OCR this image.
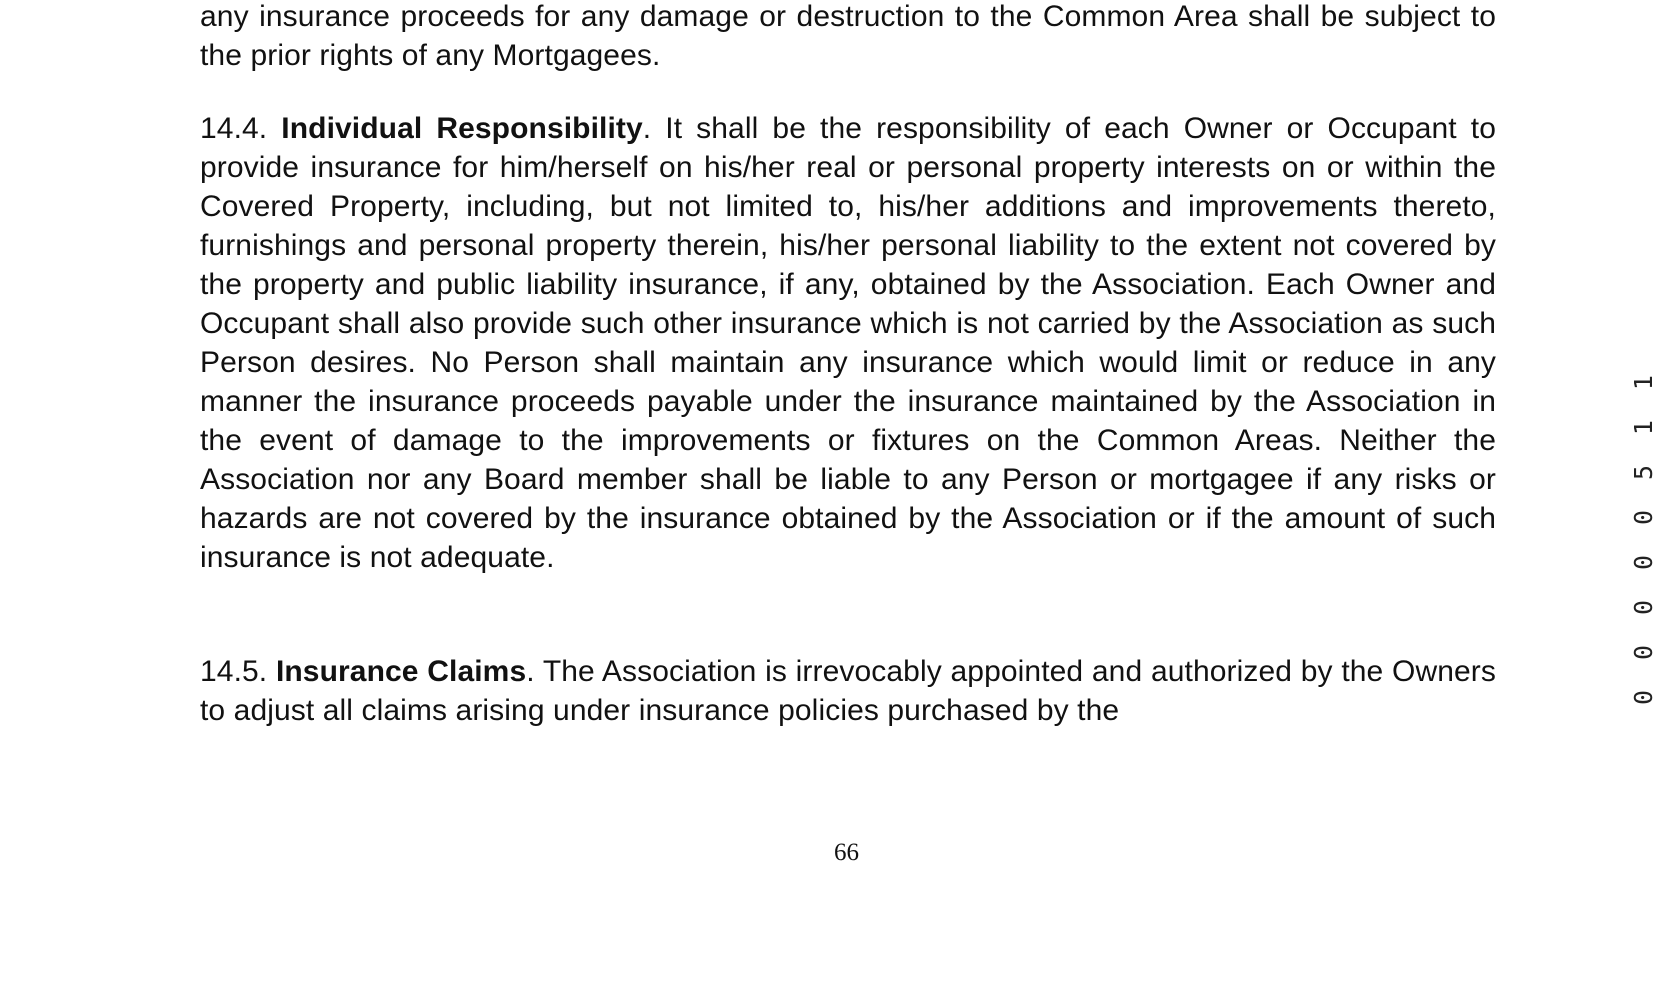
any insurance proceeds for any damage or destruction to the Common Area shall be subject to the prior rights of any Mortgagees.
14.4. Individual Responsibility. It shall be the responsibility of each Owner or Occupant to provide insurance for him/herself on his/her real or personal property interests on or within the Covered Property, including, but not limited to, his/her additions and improvements thereto, furnishings and personal property therein, his/her personal liability to the extent not covered by the property and public liability insurance, if any, obtained by the Association. Each Owner and Occupant shall also provide such other insurance which is not carried by the Association as such Person desires. No Person shall maintain any insurance which would limit or reduce in any manner the insurance proceeds payable under the insurance maintained by the Association in the event of damage to the improvements or fixtures on the Common Areas. Neither the Association nor any Board member shall be liable to any Person or mortgagee if any risks or hazards are not covered by the insurance obtained by the Association or if the amount of such insurance is not adequate.
14.5. Insurance Claims. The Association is irrevocably appointed and authorized by the Owners to adjust all claims arising under insurance policies purchased by the
66
00000511
